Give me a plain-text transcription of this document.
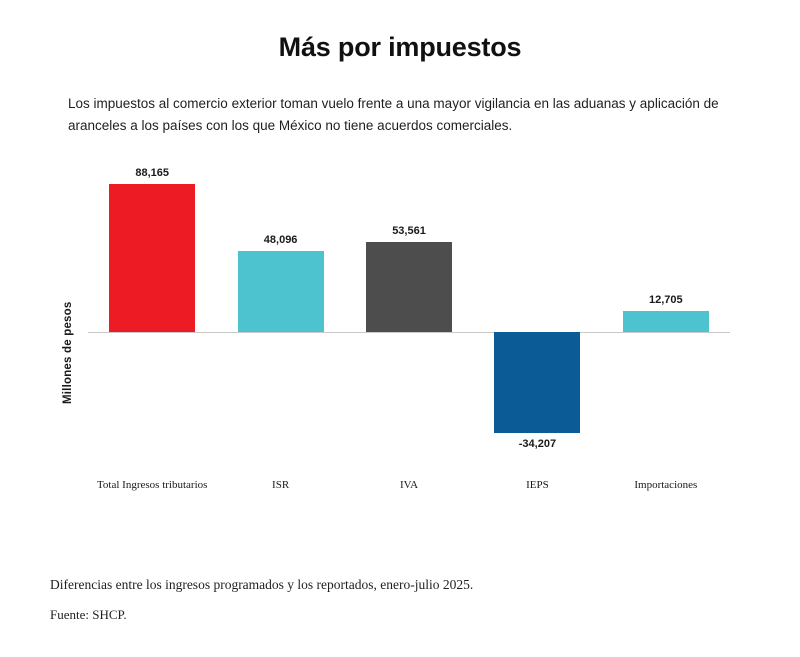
Más por impuestos

Los impuestos al comercio exterior toman vuelo frente a una mayor vigilancia en las aduanas y aplicación de aranceles a los países con los que México no tiene acuerdos comerciales.

Millones de pesos
88,165
48,096
53,561
-34,207
12,705
Total Ingresos tributarios	ISR	IVA	IEPS	Importaciones
Diferencias entre los ingresos programados y los reportados, enero-julio 2025.
Fuente: SHCP.
